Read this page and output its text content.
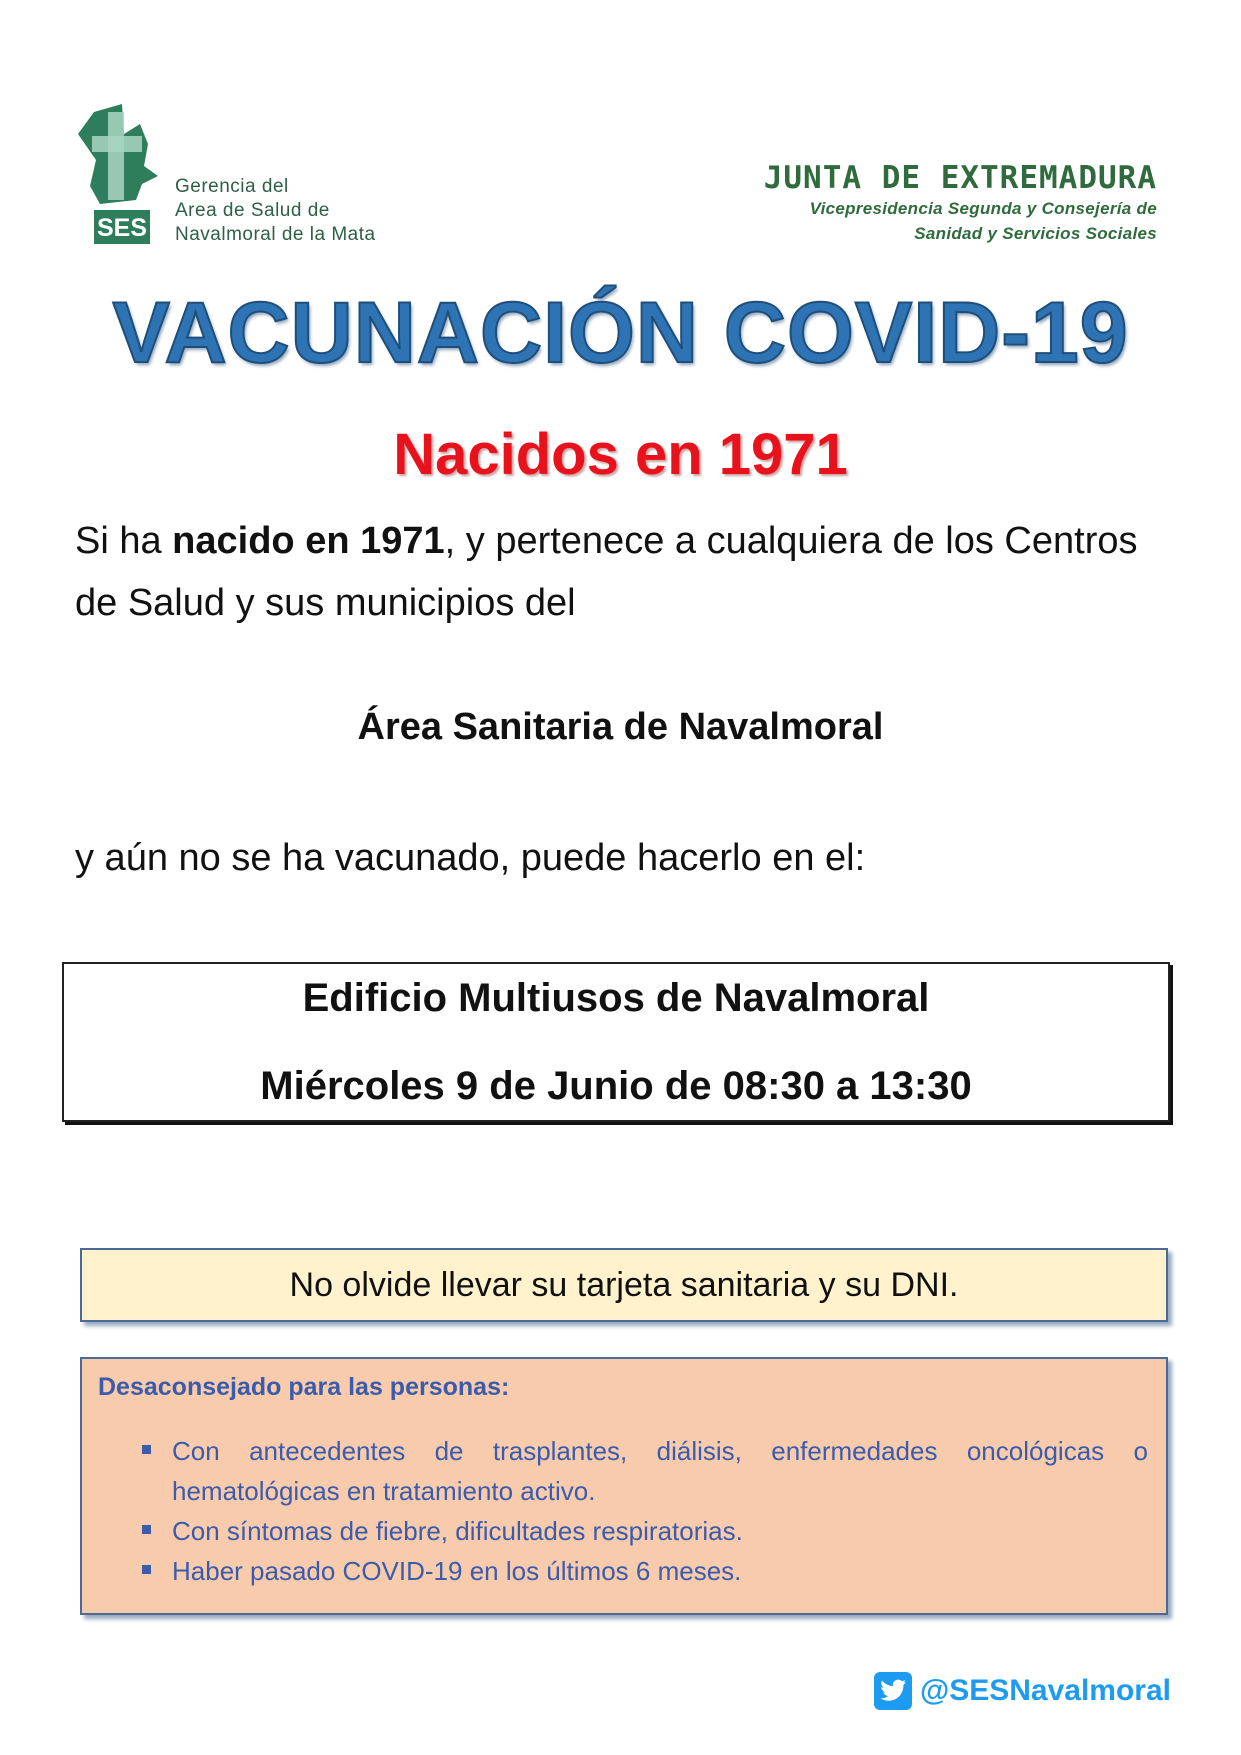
SES
Gerencia del
Area de Salud de
Navalmoral de la Mata
JUNTA DE EXTREMADURA
Vicepresidencia Segunda y Consejería de
Sanidad y Servicios Sociales
VACUNACIÓN COVID-19
Nacidos en 1971
Si ha nacido en 1971, y pertenece a cualquiera de los Centros de Salud y sus municipios del
Área Sanitaria de Navalmoral
y aún no se ha vacunado, puede hacerlo en el:
Edificio Multiusos de Navalmoral
Miércoles 9 de Junio de 08:30 a 13:30
No olvide llevar su tarjeta sanitaria y su DNI.
Desaconsejado para las personas:
Con antecedentes de trasplantes, diálisis, enfermedades oncológicas o hematológicas en tratamiento activo.
Con síntomas de fiebre, dificultades respiratorias.
Haber pasado COVID-19 en los últimos 6 meses.
@SESNavalmoral
